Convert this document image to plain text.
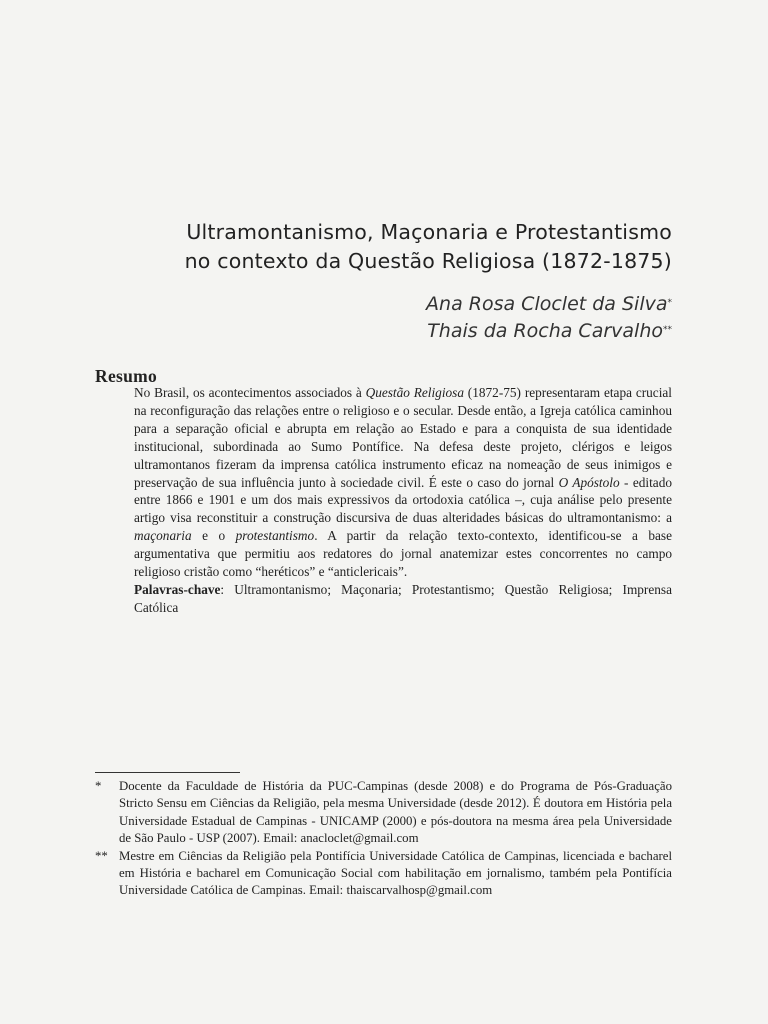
Ultramontanismo, Maçonaria e Protestantismo
no contexto da Questão Religiosa (1872-1875)
Ana Rosa Cloclet da Silva*
Thais da Rocha Carvalho**
Resumo

No Brasil, os acontecimentos associados à Questão Religiosa (1872-75) representaram etapa crucial na reconfiguração das relações entre o religioso e o secular. Desde então, a Igreja católica caminhou para a separação oficial e abrupta em relação ao Estado e para a conquista de sua identidade institucional, subordinada ao Sumo Pontífice. Na defesa deste projeto, clérigos e leigos ultramontanos fizeram da imprensa católica instrumento eficaz na nomeação de seus inimigos e preservação de sua influência junto à sociedade civil. É este o caso do jornal O Apóstolo - editado entre 1866 e 1901 e um dos mais expressivos da ortodoxia católica –, cuja análise pelo presente artigo visa reconstituir a construção discursiva de duas alteridades básicas do ultramontanismo: a maçonaria e o protestantismo. A partir da relação texto-contexto, identificou-se a base argumentativa que permitiu aos redatores do jornal anatemizar estes concorrentes no campo religioso cristão como “heréticos” e “anticlericais”.

Palavras-chave: Ultramontanismo; Maçonaria; Protestantismo; Questão Religiosa; Imprensa Católica

*	Docente da Faculdade de História da PUC-Campinas (desde 2008) e do Programa de Pós-Graduação Stricto Sensu em Ciências da Religião, pela mesma Universidade (desde 2012). É doutora em História pela Universidade Estadual de Campinas - UNICAMP (2000) e pós-doutora na mesma área pela Universidade de São Paulo - USP (2007). Email: anacloclet@gmail.com
** Mestre em Ciências da Religião pela Pontifícia Universidade Católica de Campinas, licenciada e bacharel em História e bacharel em Comunicação Social com habilitação em jornalismo, também pela Pontifícia Universidade Católica de Campinas. Email: thaiscarvalhosp@gmail.com
